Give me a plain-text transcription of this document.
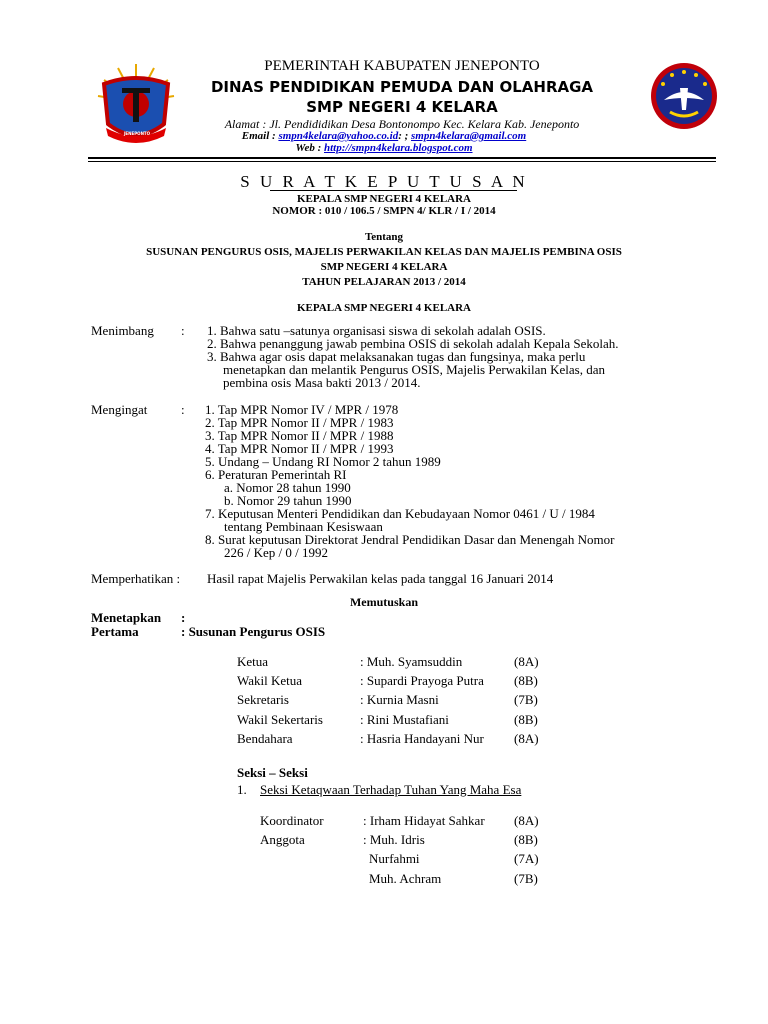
JENEPONTO
PEMERINTAH KABUPATEN JENEPONTO
DINAS PENDIDIKAN PEMUDA DAN OLAHRAGA
SMP NEGERI 4 KELARA
Alamat : Jl. Pendididikan Desa Bontonompo Kec. Kelara Kab. Jeneponto
Email : smpn4kelara@yahoo.co.id: ; smpn4kelara@gmail.com
Web : http://smpn4kelara.blogspot.com
S U R A T K E P U T U S A N
KEPALA SMP NEGERI 4 KELARA
NOMOR : 010 / 106.5 / SMPN 4/ KLR / I / 2014
Tentang
SUSUNAN PENGURUS OSIS, MAJELIS PERWAKILAN KELAS DAN MAJELIS PEMBINA OSIS
SMP NEGERI 4 KELARA
TAHUN PELAJARAN 2013 / 2014
KEPALA SMP NEGERI 4 KELARA
Menimbang : 1. Bahwa satu –satunya organisasi siswa di sekolah adalah OSIS.
2. Bahwa penanggung jawab pembina OSIS di sekolah adalah Kepala Sekolah.
3. Bahwa agar osis dapat melaksanakan tugas dan fungsinya, maka perlu
menetapkan dan melantik Pengurus OSIS, Majelis Perwakilan Kelas, dan
pembina osis Masa bakti 2013 / 2014.
Mengingat	: 1. Tap MPR Nomor IV / MPR / 1978
2. Tap MPR Nomor II / MPR / 1983
3. Tap MPR Nomor II / MPR / 1988
4. Tap MPR Nomor II / MPR / 1993
5. Undang – Undang RI Nomor 2 tahun 1989
6. Peraturan Pemerintah RI
a. Nomor 28 tahun 1990
b. Nomor 29 tahun 1990
7. Keputusan Menteri Pendidikan dan Kebudayaan Nomor 0461 / U / 1984
tentang Pembinaan Kesiswaan
8. Surat keputusan Direktorat Jendral Pendidikan Dasar dan Menengah Nomor
226 / Kep / 0 / 1992
Memperhatikan : Hasil rapat Majelis Perwakilan kelas pada tanggal 16 Januari 2014
Memutuskan
Menetapkan :
Pertama	: Susunan Pengurus OSIS
Ketua	: Muh. Syamsuddin	(8A)
Wakil Ketua	: Supardi Prayoga Putra (8B)
Sekretaris	: Kurnia Masni	(7B)
Wakil Sekertaris	: Rini Mustafiani	(8B)
Bendahara	: Hasria Handayani Nur (8A)
Seksi – Seksi
1. Seksi Ketaqwaan Terhadap Tuhan Yang Maha Esa
Koordinator	: Irham Hidayat Sahkar (8A)
Anggota	: Muh. Idris	(8B)
Nurfahmi	(7A)
Muh. Achram	(7B)
